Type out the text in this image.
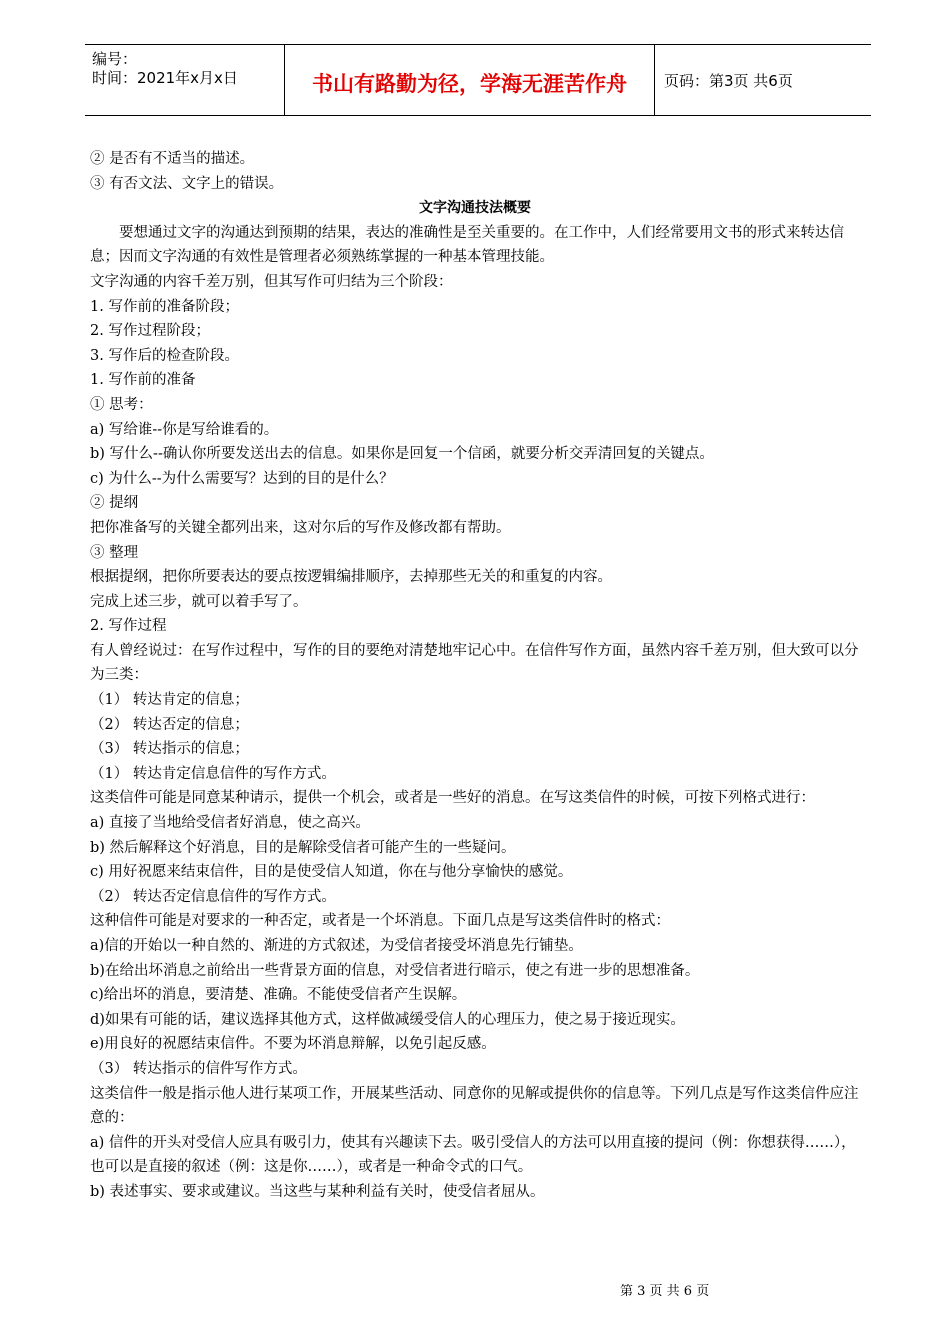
编号：
时间：2021年x月x日	书山有路勤为径，学海无涯苦作舟	页码：第3页 共6页

② 是否有不适当的描述。

③ 有否文法、文字上的错误。

文字沟通技法概要

要想通过文字的沟通达到预期的结果，表达的准确性是至关重要的。在工作中，人们经常要用文书的形式来转达信息；因而文字沟通的有效性是管理者必须熟练掌握的一种基本管理技能。

文字沟通的内容千差万别，但其写作可归结为三个阶段：

1. 写作前的准备阶段；

2. 写作过程阶段；

3. 写作后的检查阶段。

1. 写作前的准备

① 思考：

a) 写给谁--你是写给谁看的。

b) 写什么--确认你所要发送出去的信息。如果你是回复一个信函，就要分析交弄清回复的关键点。

c) 为什么--为什么需要写？达到的目的是什么？

② 提纲

把你准备写的关键全都列出来，这对尔后的写作及修改都有帮助。

③ 整理

根据提纲，把你所要表达的要点按逻辑编排顺序，去掉那些无关的和重复的内容。

完成上述三步，就可以着手写了。

2. 写作过程

有人曾经说过：在写作过程中，写作的目的要绝对清楚地牢记心中。在信件写作方面，虽然内容千差万别，但大致可以分为三类：

（1） 转达肯定的信息；

（2） 转达否定的信息；

（3） 转达指示的信息；

（1） 转达肯定信息信件的写作方式。

这类信件可能是同意某种请示，提供一个机会，或者是一些好的消息。在写这类信件的时候，可按下列格式进行：

a) 直接了当地给受信者好消息，使之高兴。

b) 然后解释这个好消息，目的是解除受信者可能产生的一些疑问。

c) 用好祝愿来结束信件，目的是使受信人知道，你在与他分享愉快的感觉。

（2） 转达否定信息信件的写作方式。

这种信件可能是对要求的一种否定，或者是一个坏消息。下面几点是写这类信件时的格式：

a)信的开始以一种自然的、渐进的方式叙述，为受信者接受坏消息先行铺垫。

b)在给出坏消息之前给出一些背景方面的信息，对受信者进行暗示，使之有进一步的思想准备。

c)给出坏的消息，要清楚、准确。不能使受信者产生误解。

d)如果有可能的话，建议选择其他方式，这样做减缓受信人的心理压力，使之易于接近现实。

e)用良好的祝愿结束信件。不要为坏消息辩解，以免引起反感。

（3） 转达指示的信件写作方式。

这类信件一般是指示他人进行某项工作，开展某些活动、同意你的见解或提供你的信息等。下列几点是写作这类信件应注意的：

a) 信件的开头对受信人应具有吸引力，使其有兴趣读下去。吸引受信人的方法可以用直接的提问（例：你想获得……），也可以是直接的叙述（例：这是你……），或者是一种命令式的口气。

b) 表述事实、要求或建议。当这些与某种利益有关时，使受信者屈从。

第 3 页 共 6 页
